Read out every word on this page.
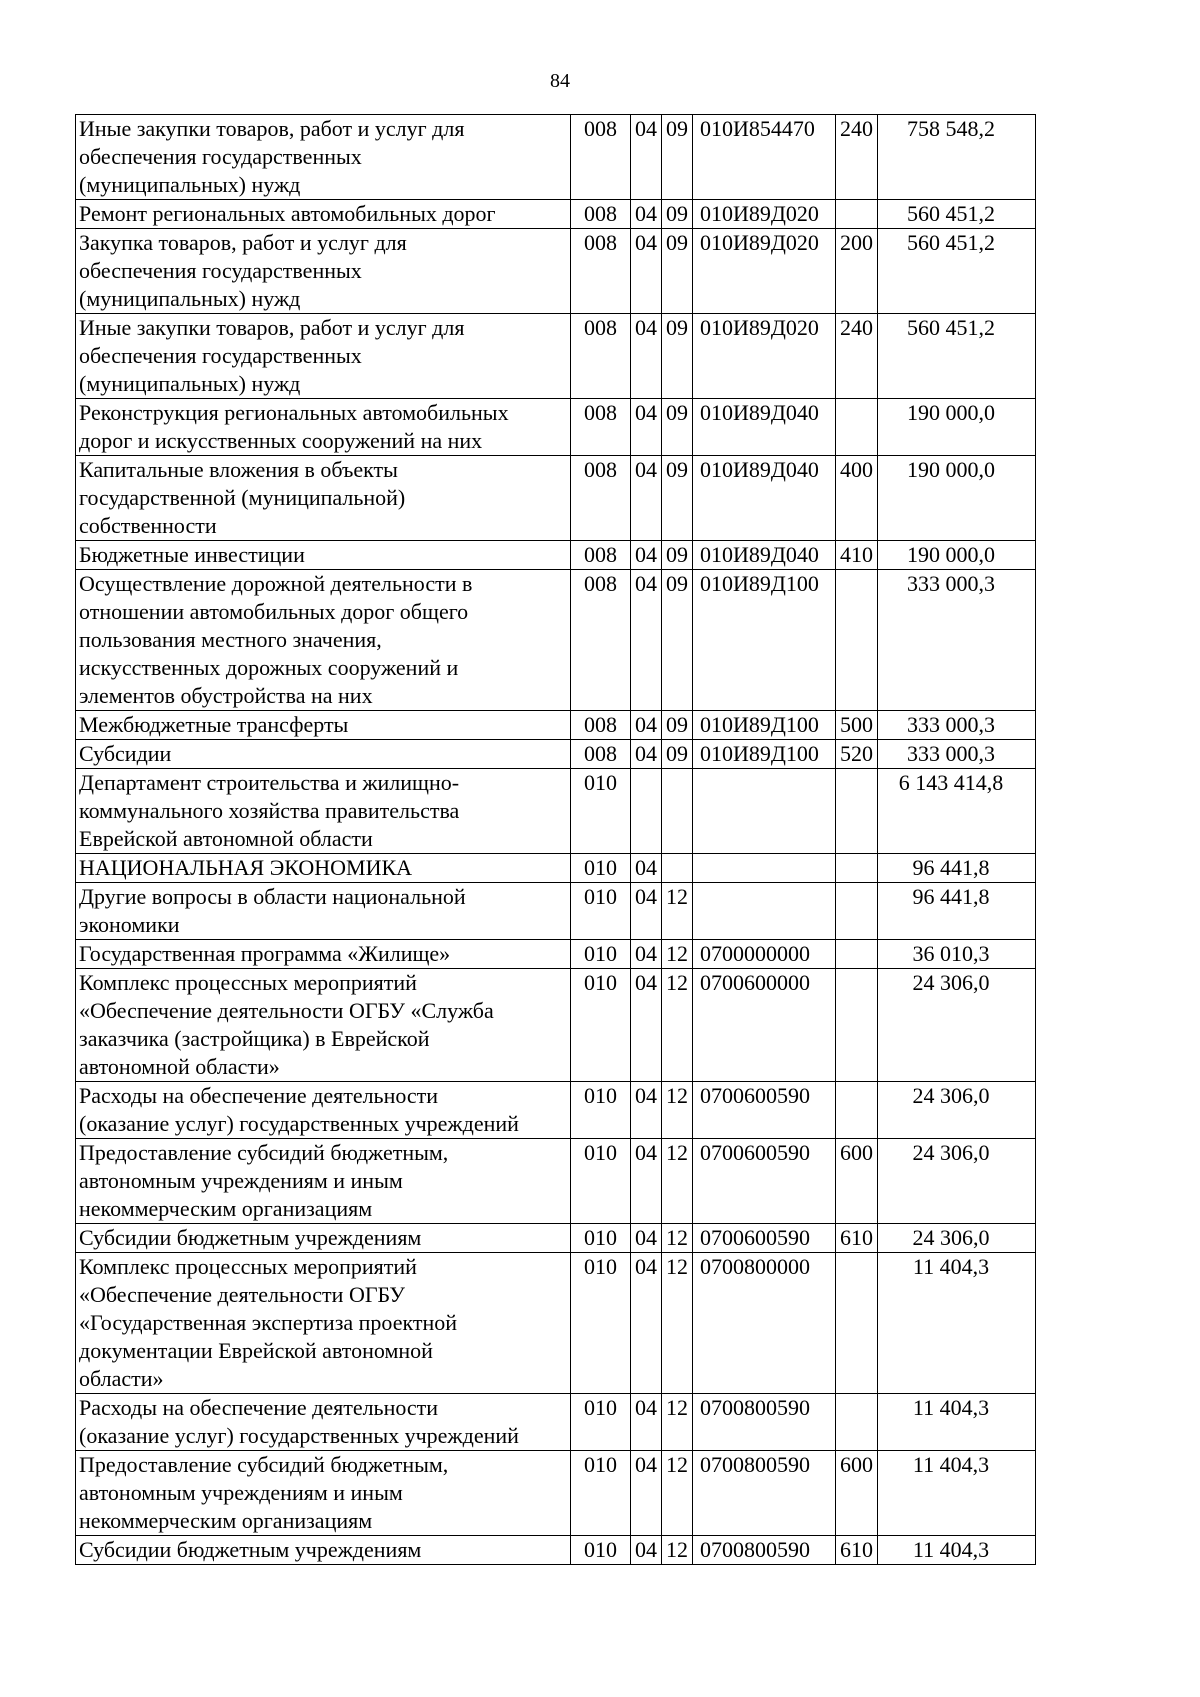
84
Иные закупки товаров, работ и услуг для
обеспечения государственных
(муниципальных) нужд	008	04	09	010И854470	240	758 548,2
Ремонт региональных автомобильных дорог	008	04	09	010И89Д020		560 451,2
Закупка товаров, работ и услуг для
обеспечения государственных
(муниципальных) нужд	008	04	09	010И89Д020	200	560 451,2
Иные закупки товаров, работ и услуг для
обеспечения государственных
(муниципальных) нужд	008	04	09	010И89Д020	240	560 451,2
Реконструкция региональных автомобильных
дорог и искусственных сооружений на них	008	04	09	010И89Д040		190 000,0
Капитальные вложения в объекты
государственной (муниципальной)
собственности	008	04	09	010И89Д040	400	190 000,0
Бюджетные инвестиции	008	04	09	010И89Д040	410	190 000,0
Осуществление дорожной деятельности в
отношении автомобильных дорог общего
пользования местного значения,
искусственных дорожных сооружений и
элементов обустройства на них	008	04	09	010И89Д100		333 000,3
Межбюджетные трансферты	008	04	09	010И89Д100	500	333 000,3
Субсидии	008	04	09	010И89Д100	520	333 000,3
Департамент строительства и жилищно-
коммунального хозяйства правительства
Еврейской автономной области	010					6 143 414,8
НАЦИОНАЛЬНАЯ ЭКОНОМИКА	010	04				96 441,8
Другие вопросы в области национальной
экономики	010	04	12			96 441,8
Государственная программа «Жилище»	010	04	12	0700000000		36 010,3
Комплекс процессных мероприятий
«Обеспечение деятельности ОГБУ «Служба
заказчика (застройщика) в Еврейской
автономной области»	010	04	12	0700600000		24 306,0
Расходы на обеспечение деятельности
(оказание услуг) государственных учреждений	010	04	12	0700600590		24 306,0
Предоставление субсидий бюджетным,
автономным учреждениям и иным
некоммерческим организациям	010	04	12	0700600590	600	24 306,0
Субсидии бюджетным учреждениям	010	04	12	0700600590	610	24 306,0
Комплекс процессных мероприятий
«Обеспечение деятельности ОГБУ
«Государственная экспертиза проектной
документации Еврейской автономной
области»	010	04	12	0700800000		11 404,3
Расходы на обеспечение деятельности
(оказание услуг) государственных учреждений	010	04	12	0700800590		11 404,3
Предоставление субсидий бюджетным,
автономным учреждениям и иным
некоммерческим организациям	010	04	12	0700800590	600	11 404,3
Субсидии бюджетным учреждениям	010	04	12	0700800590	610	11 404,3
